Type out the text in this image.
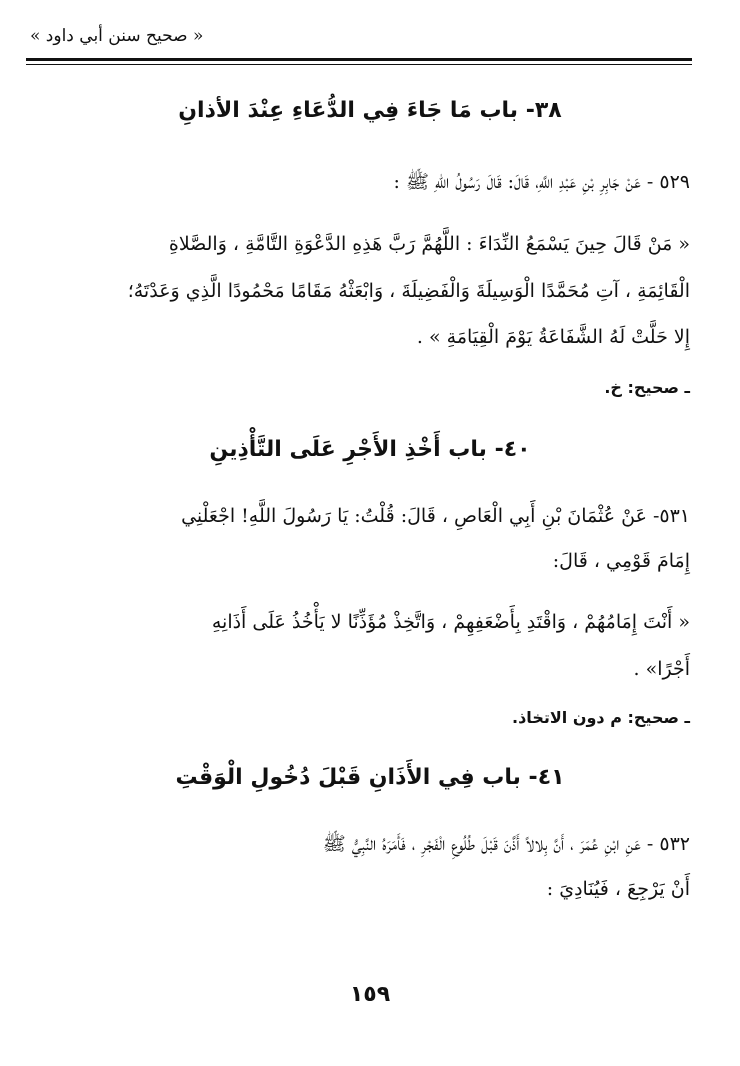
« صحيح سنن أبي داود »
٣٨- باب مَا جَاءَ فِي الدُّعَاءِ عِنْدَ الأذانِ
٥٢٩ - عَنْ جَابِرِ بْنِ عَبْدِ اللَّهِ، قَالَ: قَالَ رَسُولُ اللهِ ﷺ :
« مَنْ قَالَ حِينَ يَسْمَعُ النِّدَاءَ : اللَّهُمَّ رَبَّ هَذِهِ الدَّعْوَةِ التَّامَّةِ ، وَالصَّلاةِ
الْقَائِمَةِ ، آتِ مُحَمَّدًا الْوَسِيلَةَ وَالْفَضِيلَةَ ، وَابْعَثْهُ مَقَامًا مَحْمُودًا الَّذِي وَعَدْتَهُ؛
إِلا حَلَّتْ لَهُ الشَّفَاعَةُ يَوْمَ الْقِيَامَةِ » .
ـ صحيح: خ.
٤٠- باب أَخْذِ الأَجْرِ عَلَى التَّأْذِينِ
٥٣١- عَنْ عُثْمَانَ بْنِ أَبِي الْعَاصِ ، قَالَ: قُلْتُ: يَا رَسُولَ اللَّهِ! اجْعَلْنِي
إِمَامَ قَوْمِي ، قَالَ:
« أَنْتَ إِمَامُهُمْ ، وَاقْتَدِ بِأَضْعَفِهِمْ ، وَاتَّخِذْ مُؤَذِّنًا لا يَأْخُذُ عَلَى أَذَانِهِ
أَجْرًا» .
ـ صحيح: م دون الاتخاذ.
٤١- باب فِي الأَذَانِ قَبْلَ دُخُولِ الْوَقْتِ
٥٣٢ - عَنِ ابْنِ عُمَرَ ، أَنَّ بِلالاً أَذَّنَ قَبْلَ طُلُوعِ الْفَجْرِ ، فَأَمَرَهُ النَّبِيُّ ﷺ
أَنْ يَرْجِعَ ، فَيُنَادِيَ :
١٥٩
